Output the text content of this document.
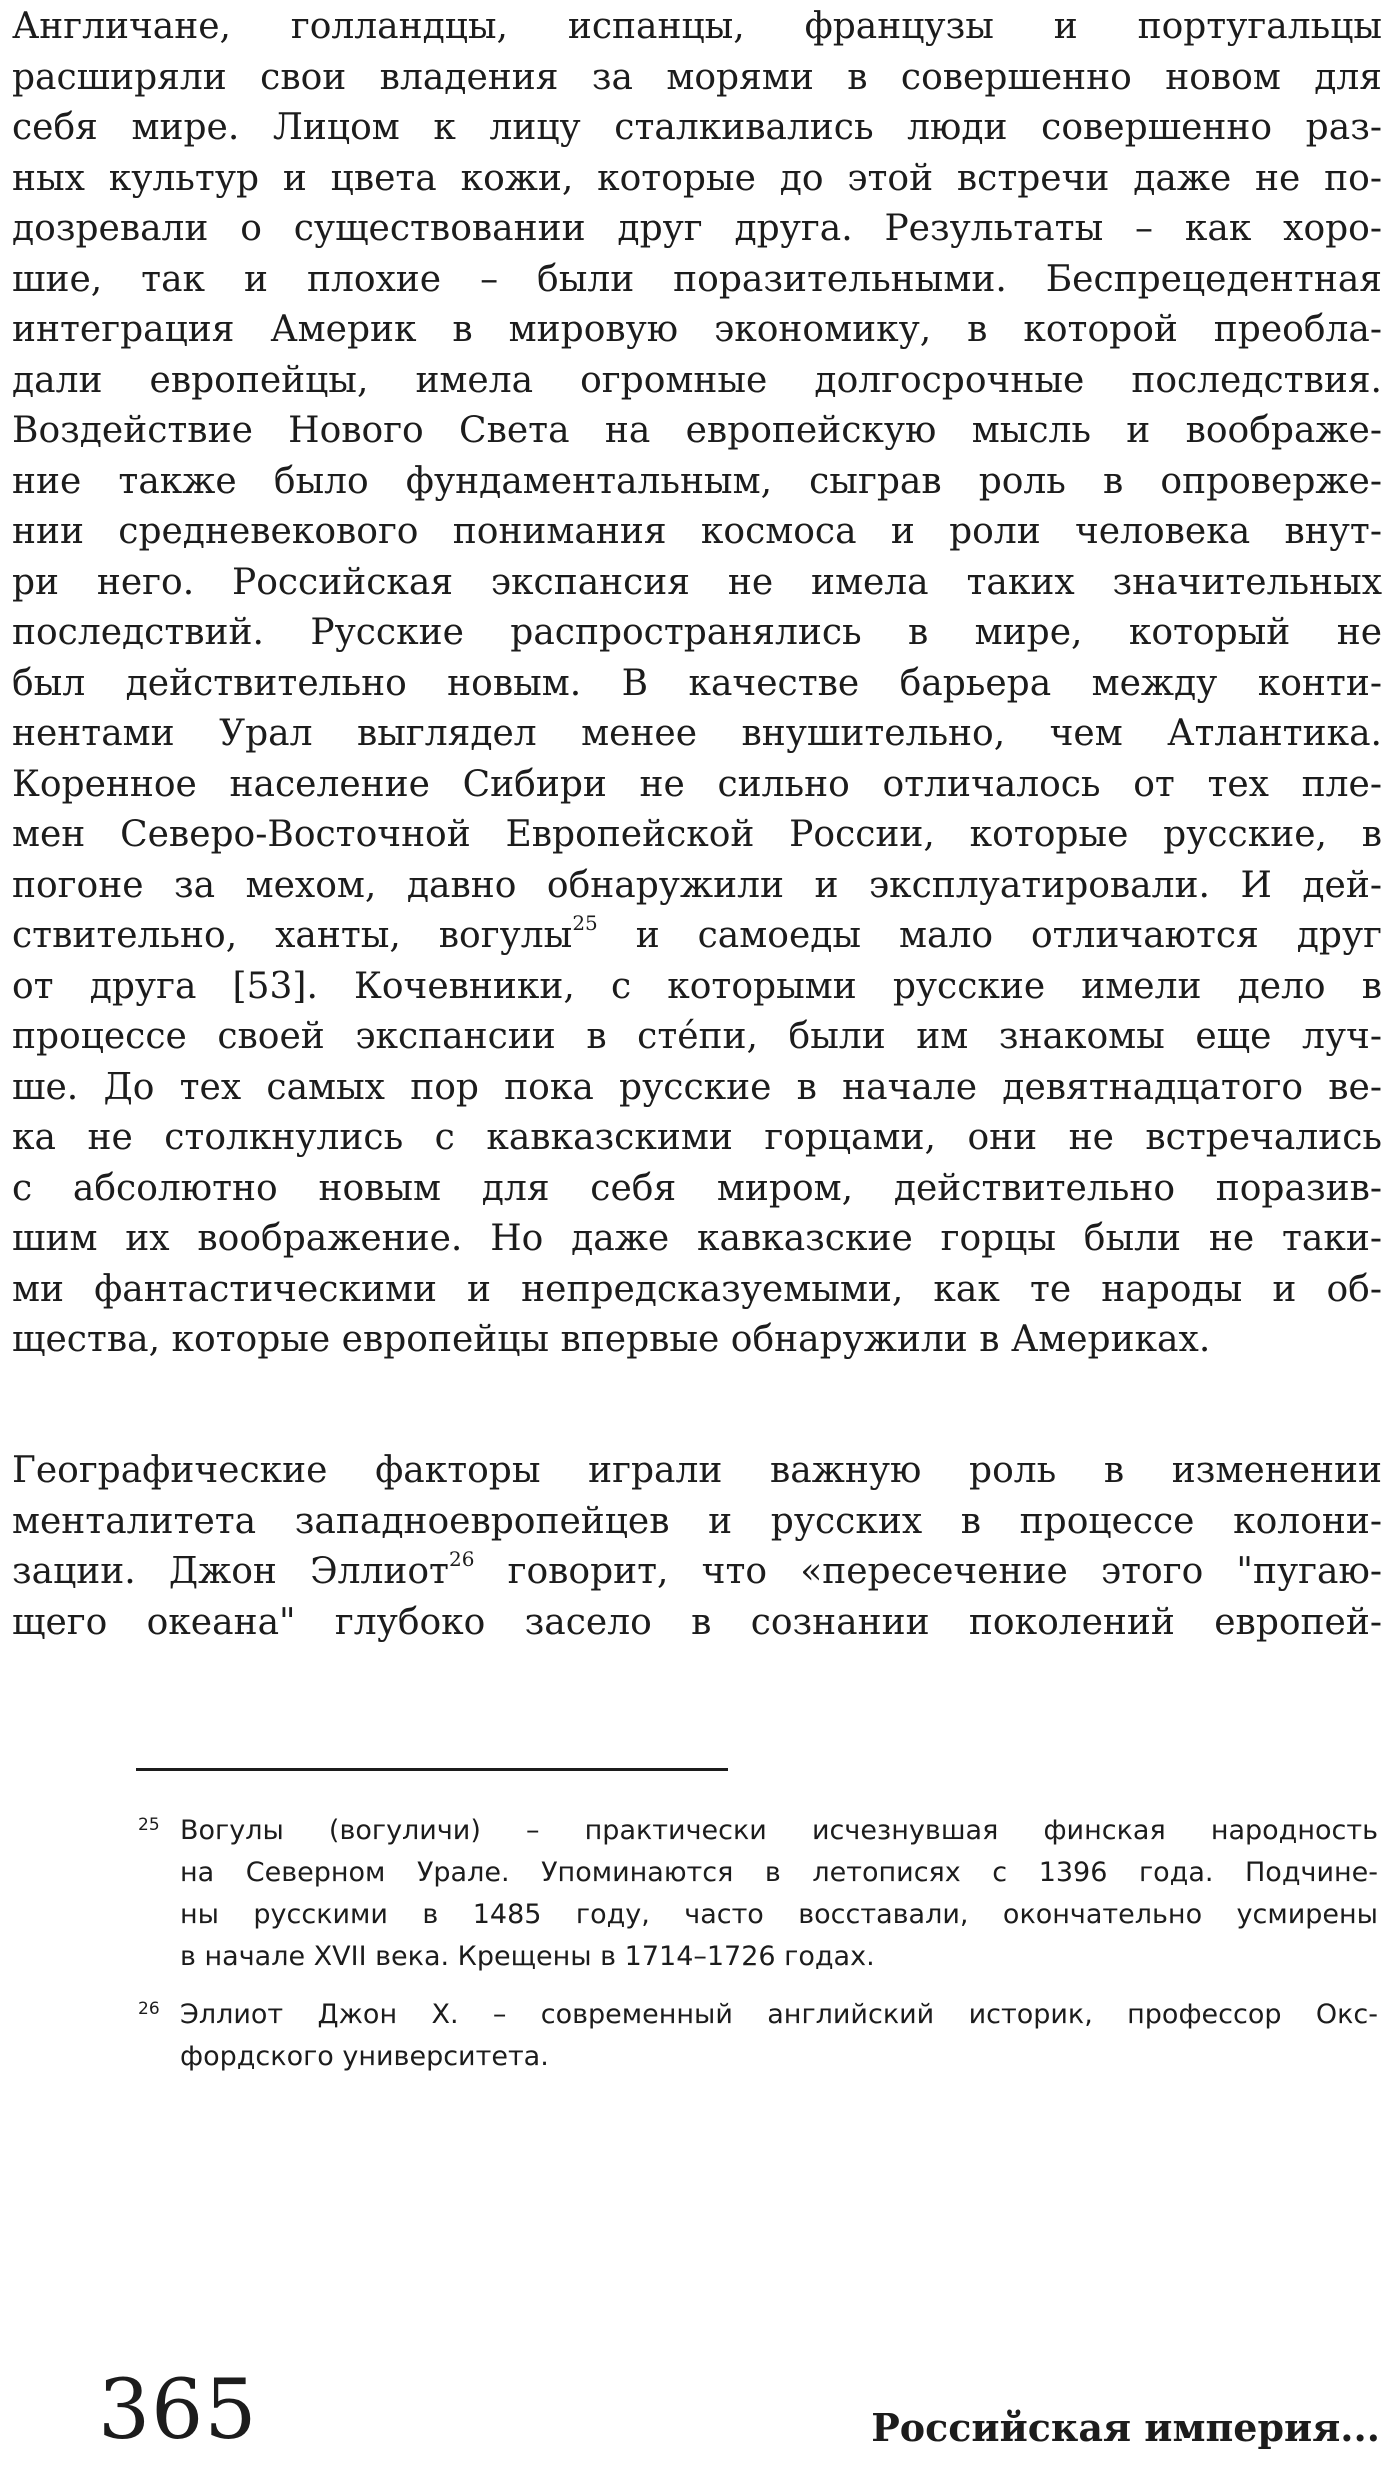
Англичане, голландцы, испанцы, французы и португальцы
расширяли свои владения за морями в совершенно новом для
себя мире. Лицом к лицу сталкивались люди совершенно раз-
ных культур и цвета кожи, которые до этой встречи даже не по-
дозревали о существовании друг друга. Результаты – как хоро-
шие, так и плохие – были поразительными. Беспрецедентная
интеграция Америк в мировую экономику, в которой преобла-
дали европейцы, имела огромные долгосрочные последствия.
Воздействие Нового Света на европейскую мысль и воображе-
ние также было фундаментальным, сыграв роль в опроверже-
нии средневекового понимания космоса и роли человека внут-
ри него. Российская экспансия не имела таких значительных
последствий. Русские распространялись в мире, который не
был действительно новым. В качестве барьера между конти-
нентами Урал выглядел менее внушительно, чем Атлантика.
Коренное население Сибири не сильно отличалось от тех пле-
мен Северо-Восточной Европейской России, которые русские, в
погоне за мехом, давно обнаружили и эксплуатировали. И дей-
ствительно, ханты, вогулы$^{25}$ и самоеды мало отличаются друг
от друга [53]. Кочевники, с которыми русские имели дело в
процессе своей экспансии в стéпи, были им знакомы еще луч-
ше. До тех самых пор пока русские в начале девятнадцатого ве-
ка не столкнулись с кавказскими горцами, они не встречались
с абсолютно новым для себя миром, действительно поразив-
шим их воображение. Но даже кавказские горцы были не таки-
ми фантастическими и непредсказуемыми, как те народы и об-
щества, которые европейцы впервые обнаружили в Америках.
Географические факторы играли важную роль в изменении
менталитета западноевропейцев и русских в процессе колони-
зации. Джон Эллиот$^{26}$ говорит, что «пересечение этого "пугаю-
щего океана" глубоко засело в сознании поколений европей-
25 Вогулы (вогуличи) – практически исчезнувшая финская народность
на Северном Урале. Упоминаются в летописях с 1396 года. Подчине-
ны русскими в 1485 году, часто восставали, окончательно усмирены
в начале XVII века. Крещены в 1714–1726 годах.
26 Эллиот Джон Х. – современный английский историк, профессор Окс-
фордского университета.
365	Российская империя...
